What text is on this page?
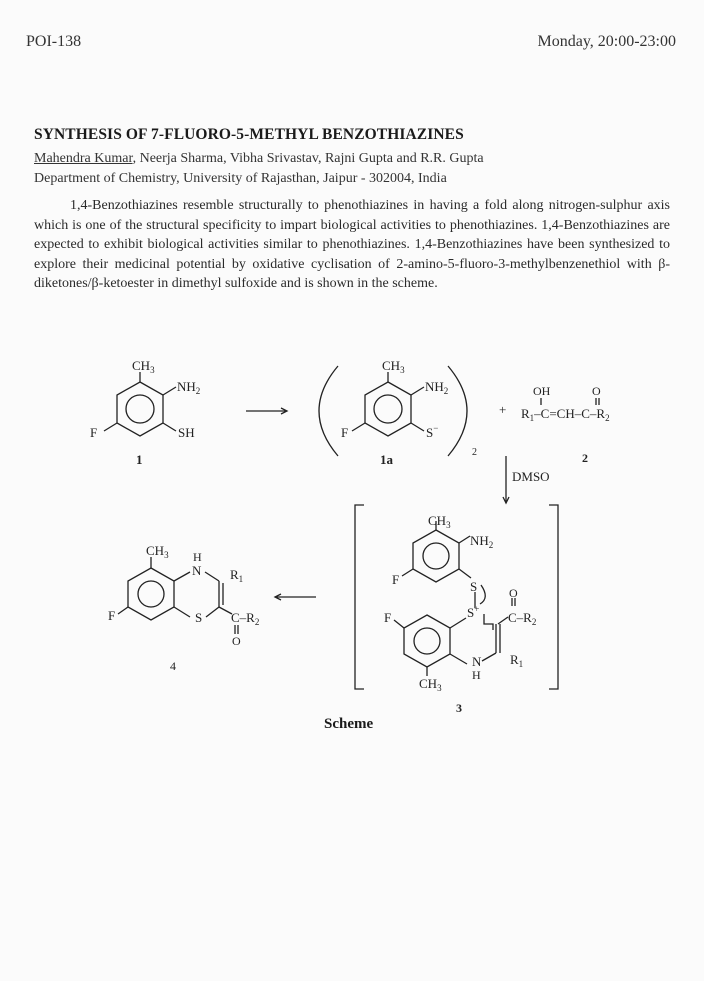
POI-138	Monday, 20:00-23:00
SYNTHESIS OF 7-FLUORO-5-METHYL BENZOTHIAZINES
Mahendra Kumar, Neerja Sharma, Vibha Srivastav, Rajni Gupta and R.R. Gupta
Department of Chemistry, University of Rajasthan, Jaipur - 302004, India
1,4-Benzothiazines resemble structurally to phenothiazines in having a fold along nitrogen-sulphur axis which is one of the structural specificity to impart biological activities to phenothiazines. 1,4-Benzothiazines are expected to exhibit biological activities similar to phenothiazines. 1,4-Benzothiazines have been synthesized to explore their medicinal potential by oxidative cyclisation of 2-amino-5-fluoro-3-methylbenzenethiol with β-diketones/β-ketoester in dimethyl sulfoxide and is shown in the scheme.
$CH_3$
$NH_2$
SH
F
1
$CH_3$
$NH_2$
S−
F
2
1a
+
OH	O
$R_1-C=CH-C-R_2$
2
DMSO
$CH_3$
$NH_2$
F	S
S+
F
O
$C-R_2$
N
H
$R_1$
$CH_3$
3
$CH_3$ H
N $R_1$
F	S $C-R_2$
O
4
Scheme
